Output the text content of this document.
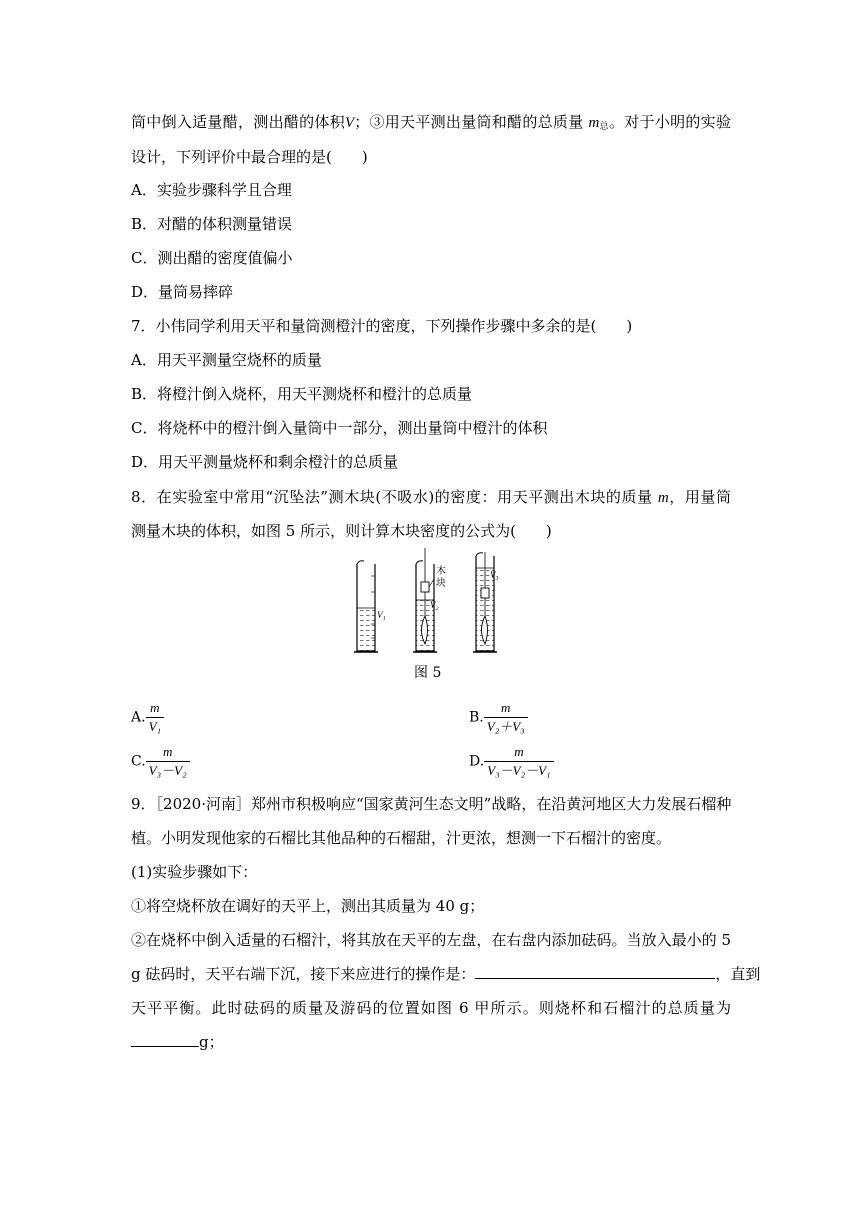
筒中倒入适量醋，测出醋的体积V；③用天平测出量筒和醋的总质量 $m_总$。对于小明的实验
设计，下列评价中最合理的是(　　)
A．实验步骤科学且合理
B．对醋的体积测量错误
C．测出醋的密度值偏小
D．量筒易摔碎
7．小伟同学利用天平和量筒测橙汁的密度，下列操作步骤中多余的是(　　)
A．用天平测量空烧杯的质量
B．将橙汁倒入烧杯，用天平测烧杯和橙汁的总质量
C．将烧杯中的橙汁倒入量筒中一部分，测出量筒中橙汁的体积
D．用天平测量烧杯和剩余橙汁的总质量
8．在实验室中常用“沉坠法”测木块(不吸水)的密度：用天平测出木块的质量 m，用量筒
测量木块的体积，如图 5 所示，则计算木块密度的公式为(　　)
V₁
木
块
V₂
V₃
图 5
A. $\frac{m}{\text{V₁}}$	B. $\frac{m}{\text{V₂＋V₃}}$
C. $\frac{m}{\text{V₃－V₂}}$	D. $\frac{m}{\text{V₃－V₂－V₁}}$
9．［2020·河南］郑州市积极响应“国家黄河生态文明”战略，在沿黄河地区大力发展石榴种
植。小明发现他家的石榴比其他品种的石榴甜，汁更浓，想测一下石榴汁的密度。
(1)实验步骤如下：
①将空烧杯放在调好的天平上，测出其质量为 40 g；
②在烧杯中倒入适量的石榴汁，将其放在天平的左盘，在右盘内添加砝码。当放入最小的 5
g 砝码时，天平右端下沉，接下来应进行的操作是：	，直到
天平平衡。此时砝码的质量及游码的位置如图 6 甲所示。则烧杯和石榴汁的总质量为
g；
